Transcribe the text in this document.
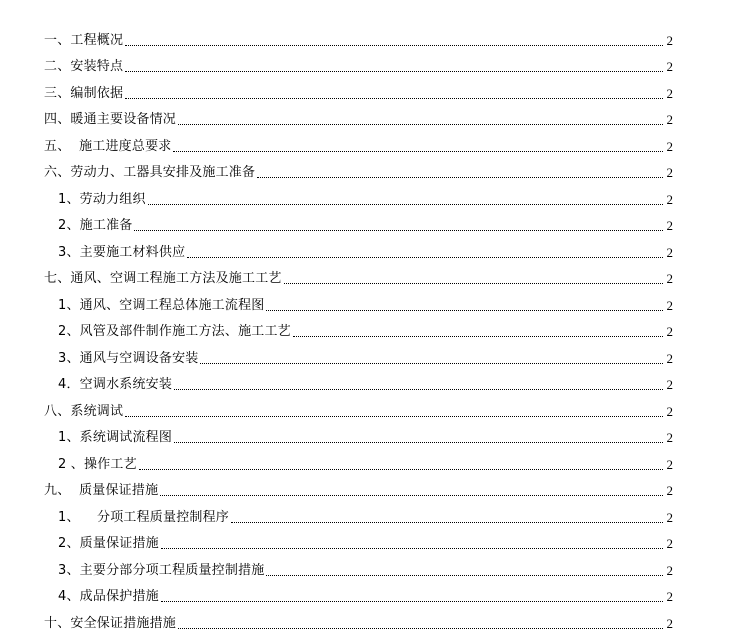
一、工程概况	2
二、安装特点	2
三、编制依据	2
四、暖通主要设备情况	2
五、  施工进度总要求	2
六、劳动力、工器具安排及施工准备	2
1、劳动力组织	2
2、施工准备	2
3、主要施工材料供应	2
七、通风、空调工程施工方法及施工工艺	2
1、通风、空调工程总体施工流程图	2
2、风管及部件制作施工方法、施工工艺	2
3、通风与空调设备安装	2
4．空调水系统安装	2
八、系统调试	2
1、系统调试流程图	2
2 、操作工艺	2
九、  质量保证措施	2
1、    分项工程质量控制程序	2
2、质量保证措施	2
3、主要分部分项工程质量控制措施	2
4、成品保护措施	2
十、安全保证措施措施	2
